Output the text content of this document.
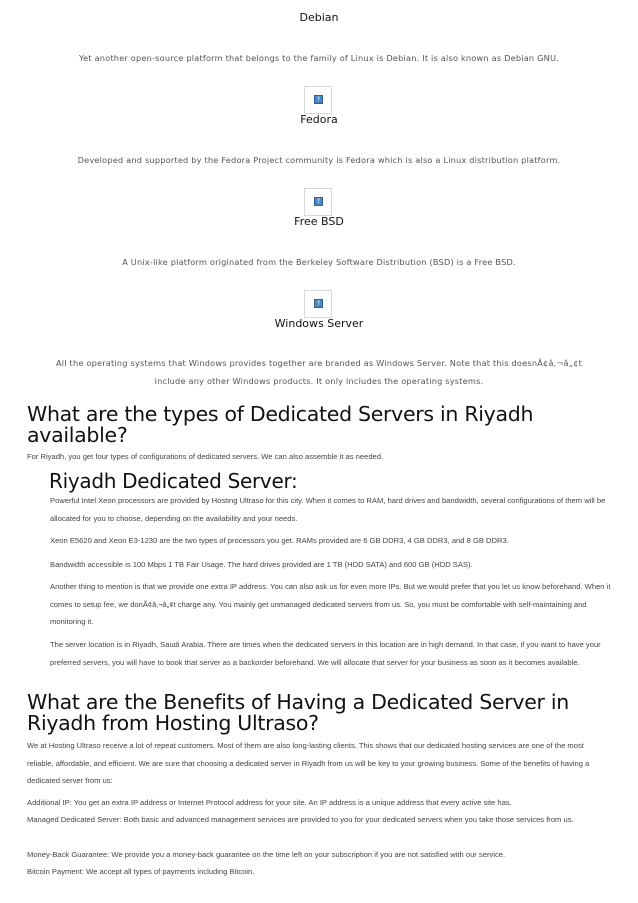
Debian
Yet another open-source platform that belongs to the family of Linux is Debian. It is also known as Debian GNU.
?
Fedora
Developed and supported by the Fedora Project community is Fedora which is also a Linux distribution platform.
?
Free BSD
A Unix-like platform originated from the Berkeley Software Distribution (BSD) is a Free BSD.
?
Windows Server
All the operating systems that Windows provides together are branded as Windows Server. Note that this doesnÃ¢â‚¬â„¢t
include any other Windows products. It only includes the operating systems.
What are the types of Dedicated Servers in Riyadh available?
For Riyadh, you get four types of configurations of dedicated servers. We can also assemble it as needed.
Riyadh Dedicated Server:
Powerful Intel Xeon processors are provided by Hosting Ultraso for this city. When it comes to RAM, hard drives and bandwidth, several configurations of them will be allocated for you to choose, depending on the availability and your needs.
Xeon E5620 and Xeon E3-1230 are the two types of processors you get. RAMs provided are 6 GB DDR3, 4 GB DDR3, and 8 GB DDR3.
Bandwidth accessible is 100 Mbps 1 TB Fair Usage. The hard drives provided are 1 TB (HDD SATA) and 600 GB (HDD SAS).
Another thing to mention is that we provide one extra IP address. You can also ask us for even more IPs. But we would prefer that you let us know beforehand. When it comes to setup fee, we donÃ¢â‚¬â„¢t charge any. You mainly get unmanaged dedicated servers from us. So, you must be comfortable with self-maintaining and monitoring it.
The server location is in Riyadh, Saudi Arabia. There are times when the dedicated servers in this location are in high demand. In that case, if you want to have your preferred servers, you will have to book that server as a backorder beforehand. We will allocate that server for your business as soon as it becomes available.
What are the Benefits of Having a Dedicated Server in Riyadh from Hosting Ultraso?
We at Hosting Ultraso receive a lot of repeat customers. Most of them are also long-lasting clients. This shows that our dedicated hosting services are one of the most reliable, affordable, and efficient. We are sure that choosing a dedicated server in Riyadh from us will be key to your growing business. Some of the benefits of having a dedicated server from us:
Additional IP: You get an extra IP address or Internet Protocol address for your site. An IP address is a unique address that every active site has.
Managed Dedicated Server: Both basic and advanced management services are provided to you for your dedicated servers when you take those services from us.
Money-Back Guarantee: We provide you a money-back guarantee on the time left on your subscription if you are not satisfied with our service.
Bitcoin Payment: We accept all types of payments including Bitcoin.
